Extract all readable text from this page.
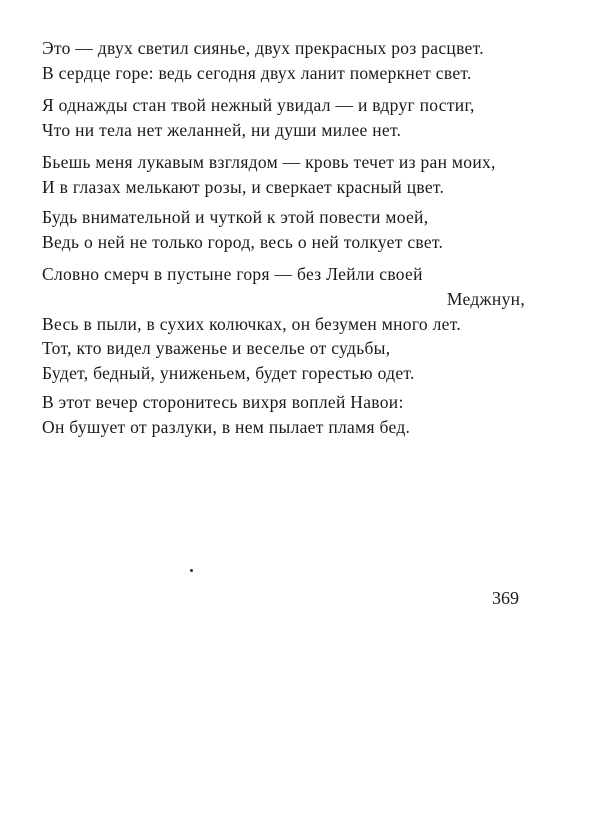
Это — двух светил сиянье, двух прекрасных роз расцвет.
В сердце горе: ведь сегодня двух ланит померкнет свет.
Я однажды стан твой нежный увидал — и вдруг постиг,
Что ни тела нет желанней, ни души милее нет.
Бьешь меня лукавым взглядом — кровь течет из ран моих,
И в глазах мелькают розы, и сверкает красный цвет.
Будь внимательной и чуткой к этой повести моей,
Ведь о ней не только город, весь о ней толкует свет.
Словно смерч в пустыне горя — без Лейли своей
Меджнун,
Весь в пыли, в сухих колючках, он безумен много лет.
Тот, кто видел уваженье и веселье от судьбы,
Будет, бедный, униженьем, будет горестью одет.
В этот вечер сторонитесь вихря воплей Навои:
Он бушует от разлуки, в нем пылает пламя бед.
369
